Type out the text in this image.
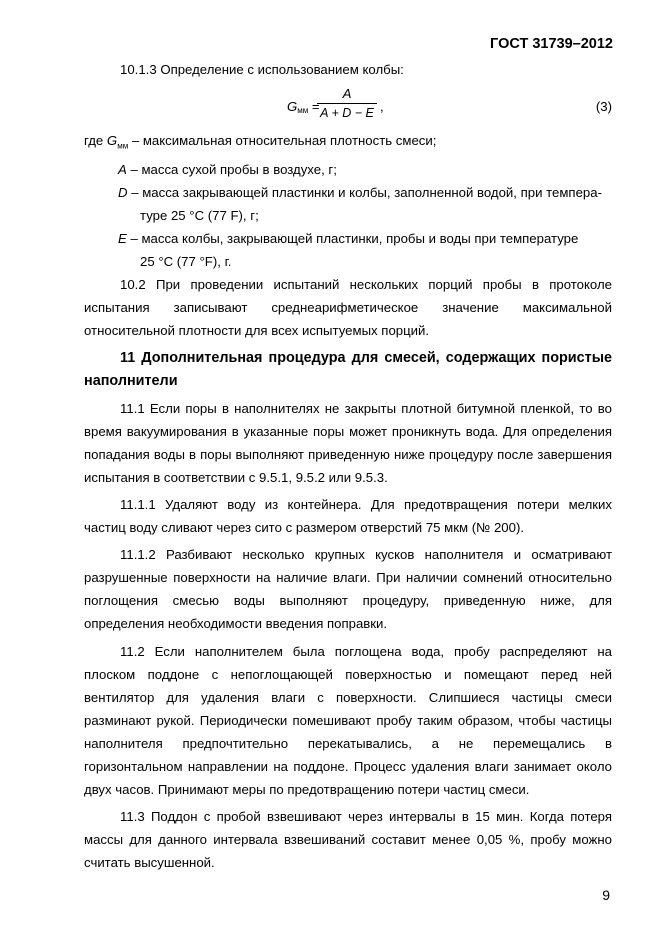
ГОСТ 31739–2012

10.1.3 Определение с использованием колбы:

$G_{мм}$ =
A
A + D − E ,	(3)

где $G_{мм}$ – максимальная относительная плотность смеси;

A – масса сухой пробы в воздухе, г;

D – масса закрывающей пластинки и колбы, заполненной водой, при темпера-
туре 25 °С (77 F), г;

E – масса колбы, закрывающей пластинки, пробы и воды при температуре
25 °С (77 °F), г.

10.2 При проведении испытаний нескольких порций пробы в протоколе испытания записывают среднеарифметическое значение максимальной относительной плотности для всех испытуемых порций.

11 Дополнительная процедура для смесей, содержащих пористые наполнители

11.1 Если поры в наполнителях не закрыты плотной битумной пленкой, то во время вакуумирования в указанные поры может проникнуть вода. Для определения попадания воды в поры выполняют приведенную ниже процедуру после завершения испытания в соответствии с 9.5.1, 9.5.2 или 9.5.3.

11.1.1 Удаляют воду из контейнера. Для предотвращения потери мелких частиц воду сливают через сито с размером отверстий 75 мкм (№ 200).

11.1.2 Разбивают несколько крупных кусков наполнителя и осматривают разрушенные поверхности на наличие влаги. При наличии сомнений относительно поглощения смесью воды выполняют процедуру, приведенную ниже, для определения необходимости введения поправки.

11.2 Если наполнителем была поглощена вода, пробу распределяют на плоском поддоне с непоглощающей поверхностью и помещают перед ней вентилятор для удаления влаги с поверхности. Слипшиеся частицы смеси разминают рукой. Периодически помешивают пробу таким образом, чтобы частицы наполнителя предпочтительно перекатывались, а не перемещались в горизонтальном направлении на поддоне. Процесс удаления влаги занимает около двух часов. Принимают меры по предотвращению потери частиц смеси.

11.3 Поддон с пробой взвешивают через интервалы в 15 мин. Когда потеря массы для данного интервала взвешиваний составит менее 0,05 %, пробу можно считать высушенной.

9
